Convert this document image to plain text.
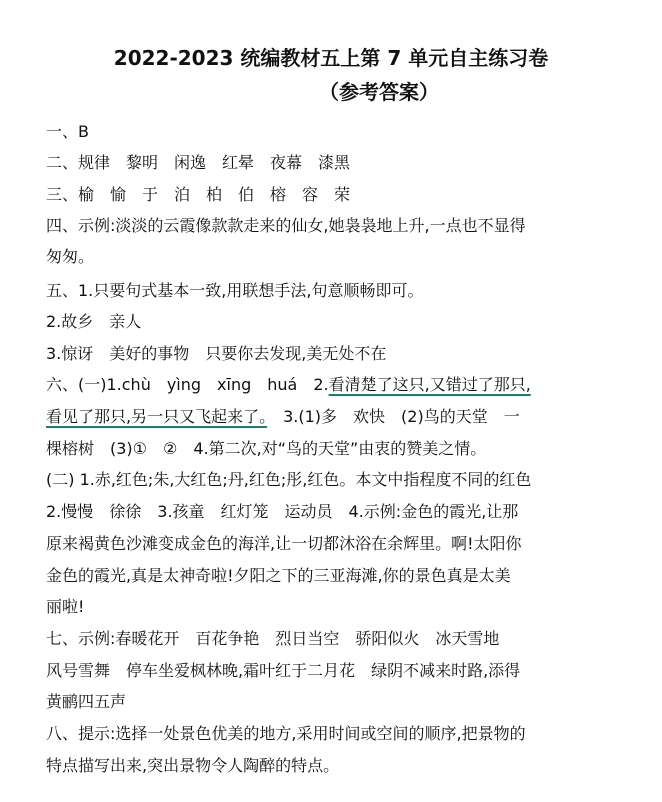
2022-2023 统编教材五上第 7 单元自主练习卷
（参考答案）
一、B
二、规律　黎明　闲逸　红晕　夜幕　漆黑
三、榆　愉　于　泊　柏　伯　榕　容　荣
四、示例:淡淡的云霞像款款走来的仙女,她袅袅地上升,一点也不显得
匆匆。
五、1.只要句式基本一致,用联想手法,句意顺畅即可。
2.故乡　亲人
3.惊讶　美好的事物　只要你去发现,美无处不在
六、(一)1.chù　yìng　xīng　huá　2.看清楚了这只,又错过了那只,
看见了那只,另一只又飞起来了。　3.(1)多　欢快　(2)鸟的天堂　一
棵榕树　(3)①　②　4.第二次,对“鸟的天堂”由衷的赞美之情。
(二) 1.赤,红色;朱,大红色;丹,红色;彤,红色。本文中指程度不同的红色
2.慢慢　徐徐　3.孩童　红灯笼　运动员　4.示例:金色的霞光,让那
原来褐黄色沙滩变成金色的海洋,让一切都沐浴在余辉里。啊!太阳你
金色的霞光,真是太神奇啦!夕阳之下的三亚海滩,你的景色真是太美
丽啦!
七、示例:春暖花开　百花争艳　烈日当空　骄阳似火　冰天雪地
风号雪舞　停车坐爱枫林晚,霜叶红于二月花　绿阴不减来时路,添得
黄鹂四五声
八、提示:选择一处景色优美的地方,采用时间或空间的顺序,把景物的
特点描写出来,突出景物令人陶醉的特点。
